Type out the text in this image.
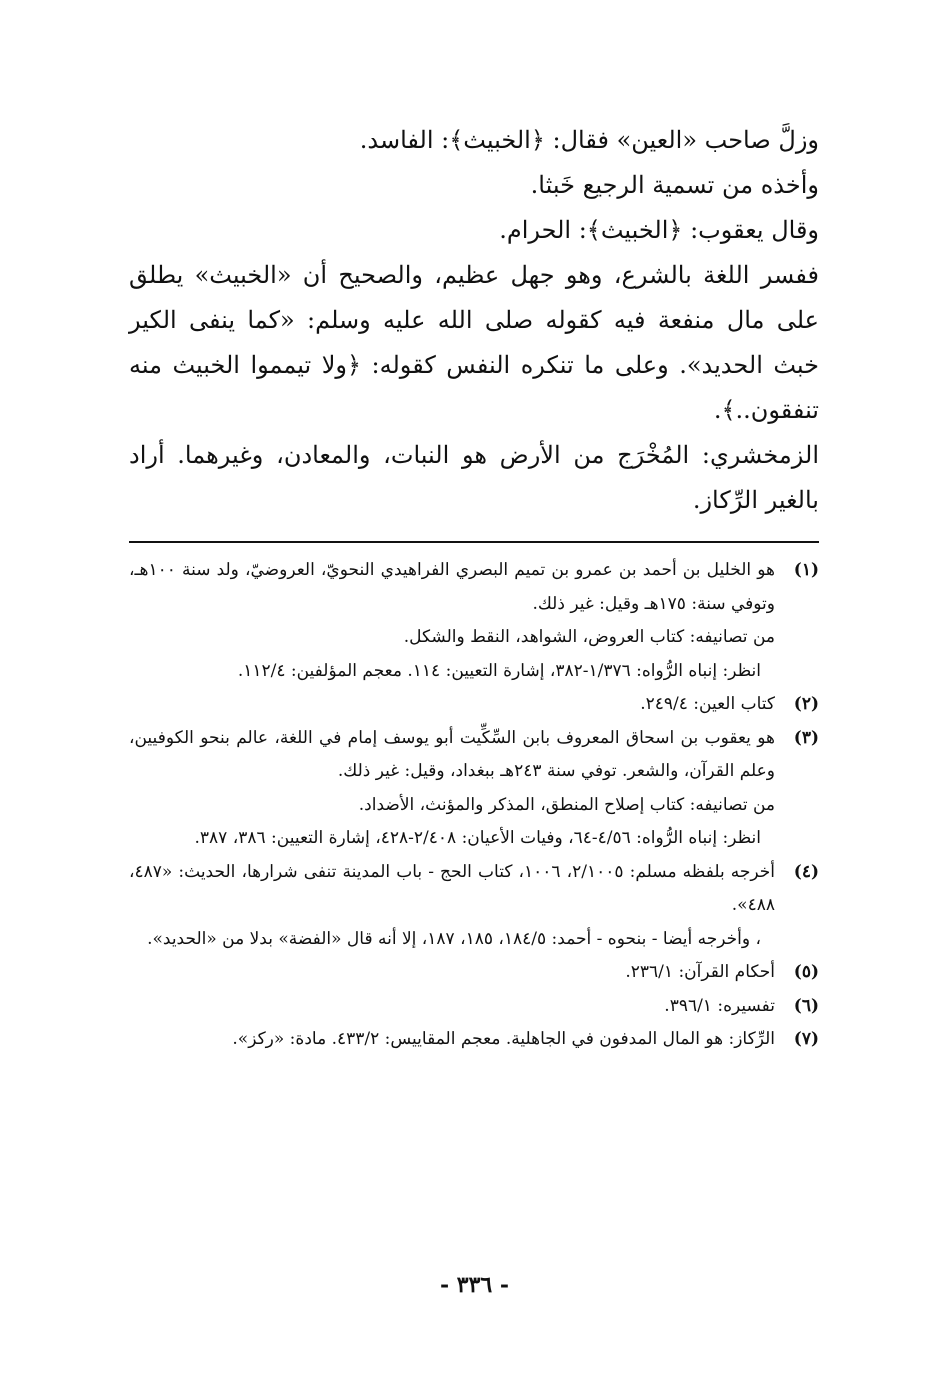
وزلَّ صاحب «العين» فقال: ﴿الخبيث﴾: الفاسد.

وأخذه من تسمية الرجيع خَبثا.

وقال يعقوب: ﴿الخبيث﴾: الحرام.

ففسر اللغة بالشرع، وهو جهل عظيم، والصحيح أن «الخبيث» يطلق على مال منفعة فيه كقوله صلى الله عليه وسلم: «كما ينفى الكير خبث الحديد». وعلى ما تنكره النفس كقوله: ﴿ولا تيمموا الخبيث منه تنفقون..﴾.

الزمخشري: المُخْرَج من الأرض هو النبات، والمعادن، وغيرهما. أراد بالغير الرِّكاز.

(١)

هو الخليل بن أحمد بن عمرو بن تميم البصري الفراهيدي النحويّ، العروضيّ، ولد سنة ١٠٠هـ، وتوفي سنة: ١٧٥هـ وقيل: غير ذلك.

من تصانيفه: كتاب العروض، الشواهد، النقط والشكل.

انظر: إنباه الرُّواه: ١/٣٧٦-٣٨٢، إشارة التعيين: ١١٤. معجم المؤلفين: ١١٢/٤.

(٢)

كتاب العين: ٢٤٩/٤.

(٣)

هو يعقوب بن اسحاق المعروف بابن السِّكِّيت أبو يوسف إمام في اللغة، عالم بنحو الكوفيين، وعلم القرآن، والشعر. توفي سنة ٢٤٣هـ ببغداد، وقيل: غير ذلك.

من تصانيفه: كتاب إصلاح المنطق، المذكر والمؤنث، الأضداد.

انظر: إنباه الرُّواه: ٤/٥٦-٦٤، وفيات الأعيان: ٢/٤٠٨-٤٢٨، إشارة التعيين: ٣٨٦، ٣٨٧.

(٤)

أخرجه بلفظه مسلم: ٢/١٠٠٥، ١٠٠٦، كتاب الحج - باب المدينة تنفى شرارها، الحديث: «٤٨٧، ٤٨٨».

، وأخرجه أيضا - بنحوه - أحمد: ١٨٤/٥، ١٨٥، ١٨٧، إلا أنه قال «الفضة» بدلا من «الحديد».

(٥)

أحكام القرآن: ٢٣٦/١.

(٦)

تفسيره: ٣٩٦/١.

(٧)

الرِّكاز: هو المال المدفون في الجاهلية. معجم المقاييس: ٤٣٣/٢. مادة: «ركز».

- ٣٣٦ -
